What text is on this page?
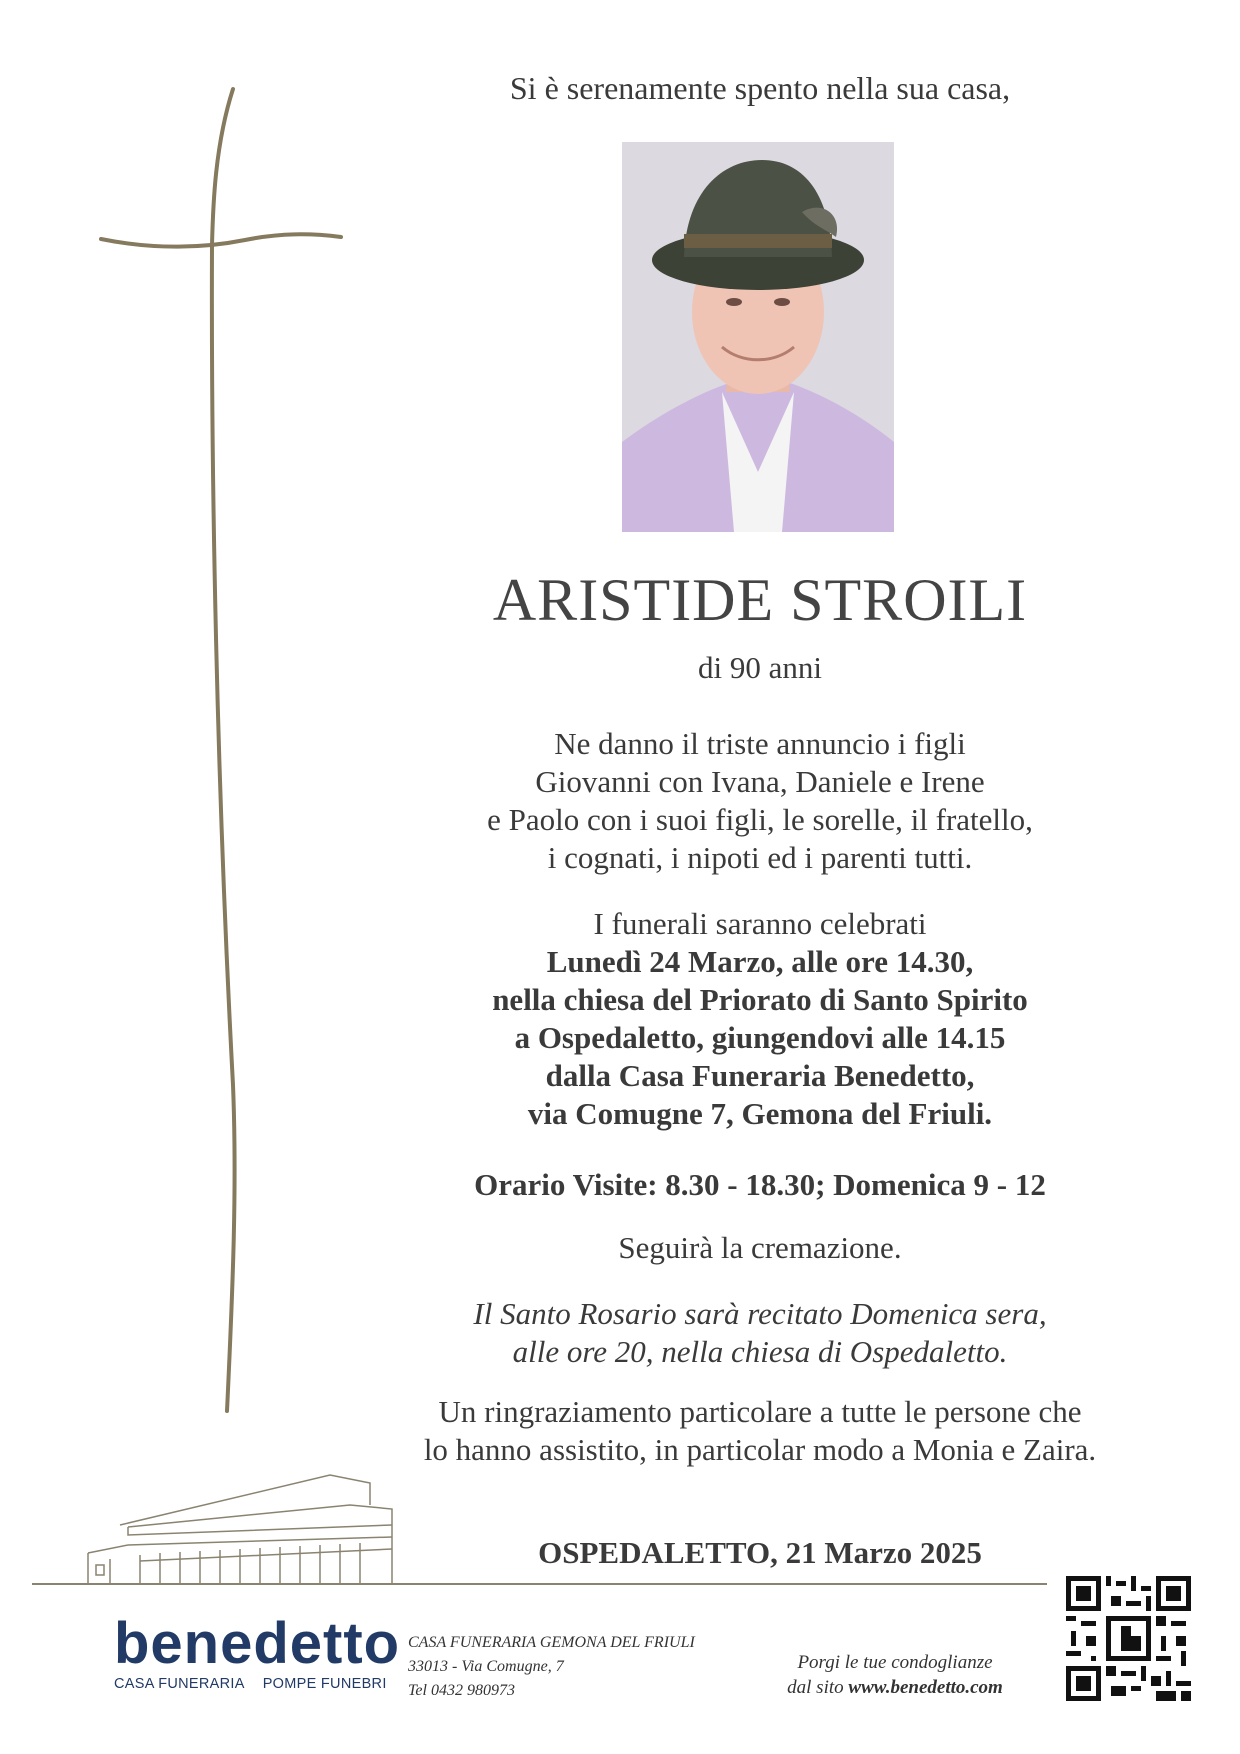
Si è serenamente spento nella sua casa,
ARISTIDE STROILI
di 90 anni
Ne danno il triste annuncio i figli
Giovanni con Ivana, Daniele e Irene
e Paolo con i suoi figli, le sorelle, il fratello,
i cognati, i nipoti ed i parenti tutti.
I funerali saranno celebrati
Lunedì 24 Marzo, alle ore 14.30,
nella chiesa del Priorato di Santo Spirito
a Ospedaletto, giungendovi alle 14.15
dalla Casa Funeraria Benedetto,
via Comugne 7, Gemona del Friuli.
Orario Visite: 8.30 - 18.30; Domenica 9 - 12
Seguirà la cremazione.
Il Santo Rosario sarà recitato Domenica sera,
alle ore 20, nella chiesa di Ospedaletto.
Un ringraziamento particolare a tutte le persone che
lo hanno assistito, in particolar modo a Monia e Zaira.
OSPEDALETTO, 21 Marzo 2025
benedetto
CASA FUNERARIA POMPE FUNEBRI
CASA FUNERARIA GEMONA DEL FRIULI
33013 - Via Comugne, 7
Tel 0432 980973
Porgi le tue condoglianze
dal sito www.benedetto.com
